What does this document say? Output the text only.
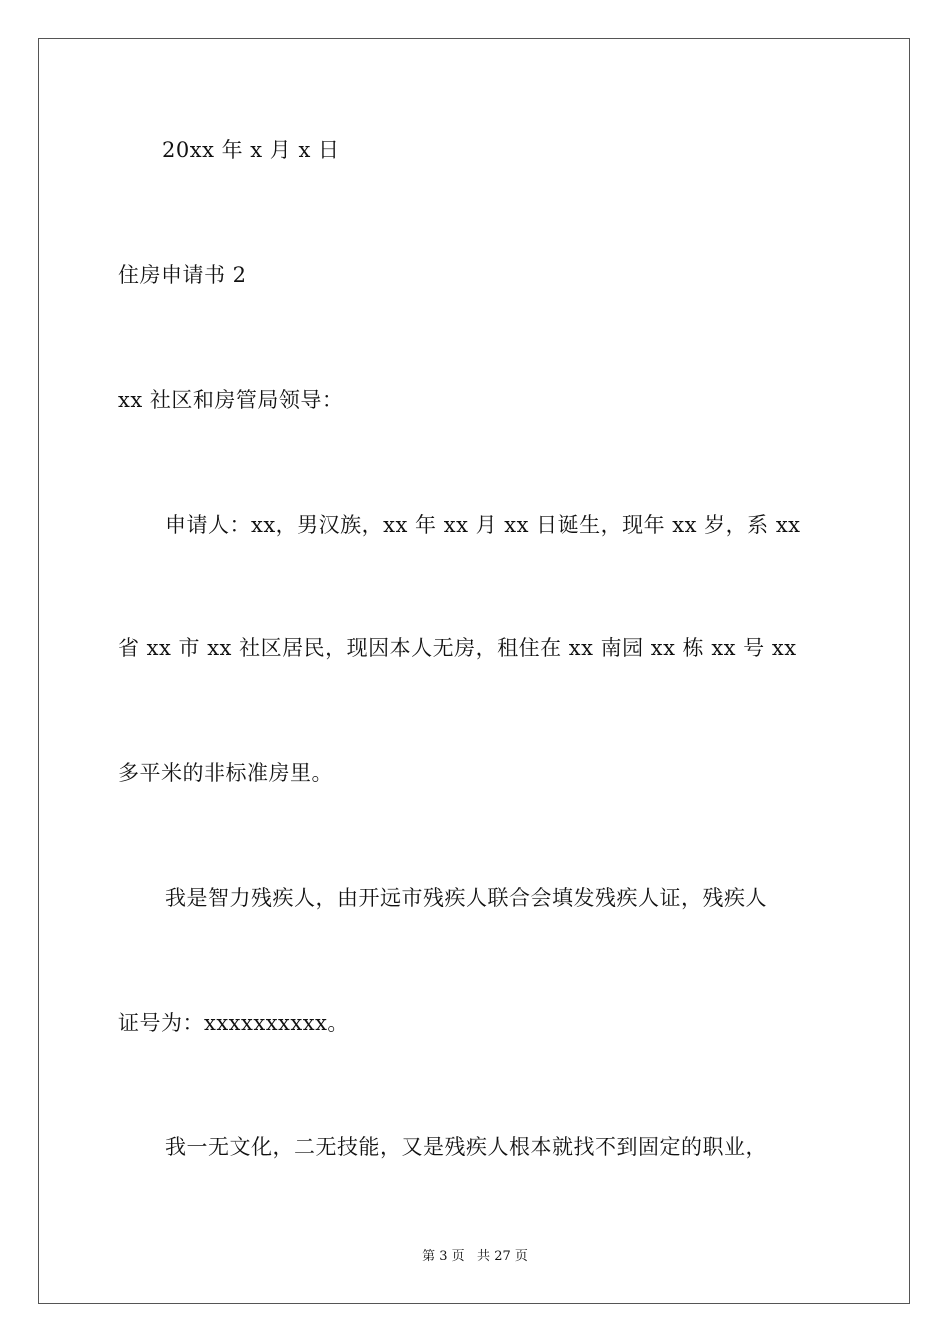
20xx 年 x 月 x 日
住房申请书 2
xx 社区和房管局领导：
申请人：xx，男汉族，xx 年 xx 月 xx 日诞生，现年 xx 岁，系 xx
省 xx 市 xx 社区居民，现因本人无房，租住在 xx 南园 xx 栋 xx 号 xx
多平米的非标准房里。
我是智力残疾人，由开远市残疾人联合会填发残疾人证，残疾人
证号为：xxxxxxxxxx。
我一无文化，二无技能，又是残疾人根本就找不到固定的职业，
第 3 页   共 27 页
